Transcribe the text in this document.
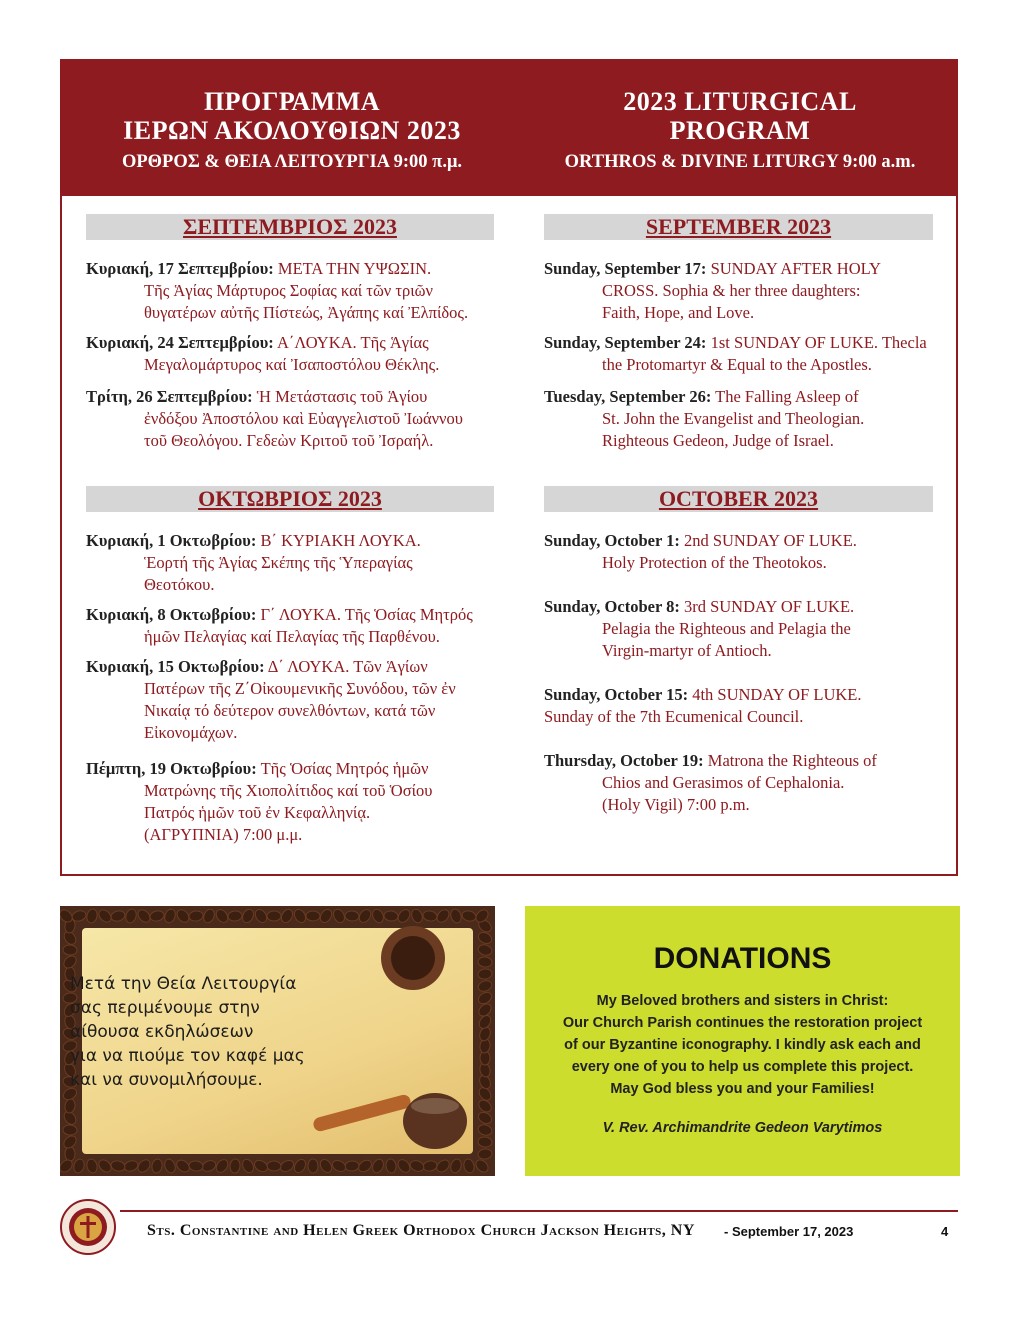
ΠΡΟΓΡΑΜΜΑ
ΙΕΡΩΝ ΑΚΟΛΟΥΘΙΩΝ 2023
ΟΡΘΡΟΣ & ΘΕΙΑ ΛΕΙΤΟΥΡΓΙΑ 9:00 π.μ.
2023 LITURGICAL
PROGRAM
ORTHROS & DIVINE LITURGY 9:00 a.m.
ΣΕΠΤΕΜΒΡΙΟΣ 2023	SEPTEMBER 2023
ΟΚΤΩΒΡΙΟΣ 2023	OCTOBER 2023
Κυριακή, 17 Σεπτεμβρίου: ΜΕΤΑ ΤΗΝ ΥΨΩΣΙΝ.
Τῆς Ἁγίας Μάρτυρος Σοφίας καί τῶν τριῶν
θυγατέρων αὐτῆς Πίστεώς, Ἀγάπης καί Ἐλπίδος.
Κυριακή, 24 Σεπτεμβρίου: Α΄ΛΟΥΚΑ. Τῆς Ἁγίας
Μεγαλομάρτυρος καί Ἰσαποστόλου Θέκλης.
Τρίτη, 26 Σεπτεμβρίου: Ἡ Μετάστασις τοῦ Ἁγίου
ἐνδόξου Ἀποστόλου καὶ Εὐαγγελιστοῦ Ἰωάννου
τοῦ Θεολόγου. Γεδεὼν Κριτοῦ τοῦ Ἰσραήλ.
Κυριακή, 1 Οκτωβρίου: Β΄ ΚΥΡΙΑΚΗ ΛΟΥΚΑ.
Ἑορτή τῆς Ἁγίας Σκέπης τῆς Ὑπεραγίας
Θεοτόκου.
Κυριακή, 8 Οκτωβρίου: Γ΄ ΛΟΥΚΑ. Τῆς Ὁσίας Μητρός
ἡμῶν Πελαγίας καί Πελαγίας τῆς Παρθένου.
Κυριακή, 15 Οκτωβρίου: Δ΄ ΛΟΥΚΑ. Τῶν Ἁγίων
Πατέρων τῆς Ζ΄Οἰκουμενικῆς Συνόδου, τῶν ἐν
Νικαίᾳ τό δεύτερον συνελθόντων, κατά τῶν
Εἰκονομάχων.
Πέμπτη, 19 Οκτωβρίου: Τῆς Ὁσίας Μητρός ἡμῶν
Ματρώνης τῆς Χιοπολίτιδος καί τοῦ Ὁσίου
Πατρός ἡμῶν τοῦ ἐν Κεφαλληνίᾳ.
(ΑΓΡΥΠΝΙΑ) 7:00 μ.μ.
Sunday, September 17: SUNDAY AFTER HOLY
CROSS. Sophia & her three daughters:
Faith, Hope, and Love.
Sunday, September 24: 1st SUNDAY OF LUKE. Thecla
the Protomartyr & Equal to the Apostles.
Tuesday, September 26: The Falling Asleep of
St. John the Evangelist and Theologian.
Righteous Gedeon, Judge of Israel.
Sunday, October 1: 2nd SUNDAY OF LUKE.
Holy Protection of the Theotokos.
Sunday, October 8: 3rd SUNDAY OF LUKE.
Pelagia the Righteous and Pelagia the
Virgin-martyr of Antioch.
Sunday, October 15: 4th SUNDAY OF LUKE.
Sunday of the 7th Ecumenical Council.
Thursday, October 19: Matrona the Righteous of
Chios and Gerasimos of Cephalonia.
(Holy Vigil) 7:00 p.m.
Μετά την Θεία Λειτουργία
σας περιμένουμε στην
αίθουσα εκδηλώσεων
για να πιούμε τον καφέ μας
και να συνομιλήσουμε.
DONATIONS
My Beloved brothers and sisters in Christ:
Our Church Parish continues the restoration project
of our Byzantine iconography. I kindly ask each and
every one of you to help us complete this project.
May God bless you and your Families!
V. Rev. Archimandrite Gedeon Varytimos
Sts. Constantine and Helen Greek Orthodox Church Jackson Heights, NY - September 17, 2023	4
